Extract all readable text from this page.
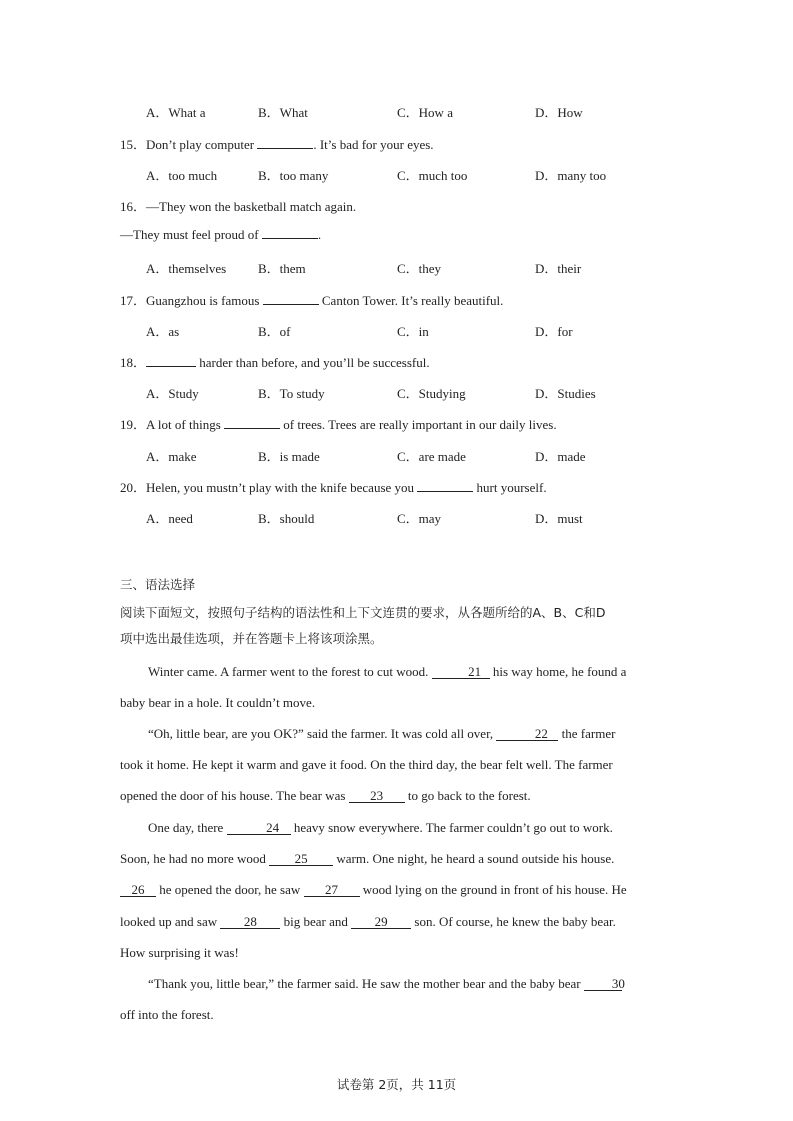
A．What a	B．What	C．How a	D．How
15．Don’t play computer	. It’s bad for your eyes.
A．too much	B．too many	C．much too	D．many too
16．—They won the basketball match again.
—They must feel proud of	.
A．themselves B．them	C．they	D．their
17．Guangzhou is famous	Canton Tower. It’s really beautiful.
A．as	B．of	C．in	D．for
18．	harder than before, and you’ll be successful.
A．Study	B．To study	C．Studying	D．Studies
19．A lot of things	of trees. Trees are really important in our daily lives.
A．make	B．is made	C．are made	D．made
20．Helen, you mustn’t play with the knife because you	hurt yourself.
A．need	B．should	C．may	D．must
三、语法选择
阅读下面短文，按照句子结构的语法性和上下文连贯的要求，从各题所给的A、B、C和D
项中选出最佳选项，并在答题卡上将该项涂黑。
Winter came. A farmer went to the forest to cut wood.	21 his way home, he found a
baby bear in a hole. It couldn’t move.
“Oh, little bear, are you OK?” said the farmer. It was cold all over,	22 the farmer
took it home. He kept it warm and gave it food. On the third day, the bear felt well. The farmer
opened the door of his house. The bear was 23 to go back to the forest.
One day, there	24 heavy snow everywhere. The farmer couldn’t go out to work.
Soon, he had no more wood 25 warm. One night, he heard a sound outside his house.
26 he opened the door, he saw 27 wood lying on the ground in front of his house. He
looked up and saw 28 big bear and 29 son. Of course, he knew the baby bear.
How surprising it was!
“Thank you, little bear,” the farmer said. He saw the mother bear and the baby bear 30
off into the forest.
试卷第 2页，共 11页
